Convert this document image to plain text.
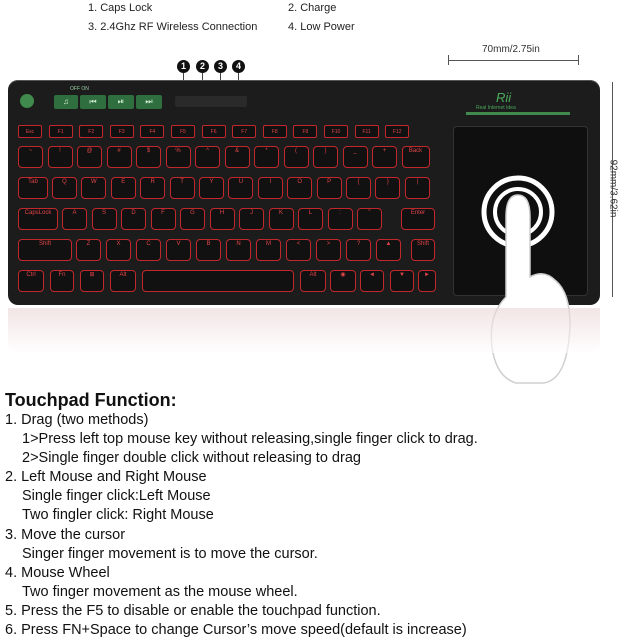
1. Caps Lock	2. Charge
3. 2.4Ghz RF Wireless Connection	4. Low Power
1	2	3	4
70mm/2.75in
92mm/3.62in
OFF ON
♫	⏮	⏯	⏭	Rii
Real Internet Idea
Esc	F1	F2	F3	F4	F5	F6	F7	F8	F9	F10	F11	F12
~	!	@	#	$	%	^	&	*	(	)	_	+	Back
Tab	Q	W	E	R	T	Y	U	I	O	P	{	}	|
CapsLock	A	S	D	F	G	H	J	K	L	:	"	Enter
Shift	Z	X	C	V	B	N	M	<	>	?	▲	Shift
Ctrl	Fn	⊞	Alt	Alt	◉	◄	▼	►
Touchpad Function:
1. Drag (two methods)
1>Press left top mouse key without releasing,single finger click to drag.
2>Single finger double click without releasing to drag
2. Left Mouse and Right Mouse
Single finger click:Left Mouse
Two fingler click: Right Mouse
3. Move the cursor
Singer finger movement is to move the cursor.
4. Mouse Wheel
Two finger movement as the mouse wheel.
5. Press the F5 to disable or enable the touchpad function.
6. Press FN+Space to change Cursor’s move speed(default is increase)
